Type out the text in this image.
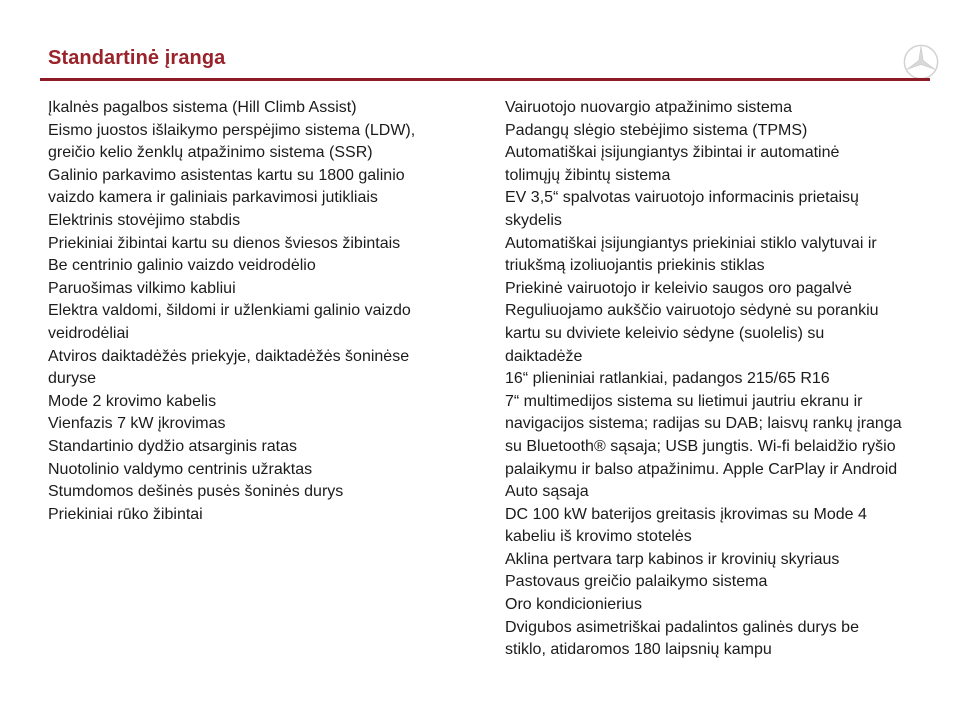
Standartinė įranga
Įkalnės pagalbos sistema (Hill Climb Assist)
Eismo juostos išlaikymo perspėjimo sistema (LDW),
greičio kelio ženklų atpažinimo sistema (SSR)
Galinio parkavimo asistentas kartu su 1800 galinio
vaizdo kamera ir galiniais parkavimosi jutikliais
Elektrinis stovėjimo stabdis
Priekiniai žibintai kartu su dienos šviesos žibintais
Be centrinio galinio vaizdo veidrodėlio
Paruošimas vilkimo kabliui
Elektra valdomi, šildomi ir užlenkiami galinio vaizdo
veidrodėliai
Atviros daiktadėžės priekyje, daiktadėžės šoninėse
duryse
Mode 2 krovimo kabelis
Vienfazis 7 kW įkrovimas
Standartinio dydžio atsarginis ratas
Nuotolinio valdymo centrinis užraktas
Stumdomos dešinės pusės šoninės durys
Priekiniai rūko žibintai
Vairuotojo nuovargio atpažinimo sistema
Padangų slėgio stebėjimo sistema (TPMS)
Automatiškai įsijungiantys žibintai ir automatinė
tolimųjų žibintų sistema
EV 3,5“ spalvotas vairuotojo informacinis prietaisų
skydelis
Automatiškai įsijungiantys priekiniai stiklo valytuvai ir
triukšmą izoliuojantis priekinis stiklas
Priekinė vairuotojo ir keleivio saugos oro pagalvė
Reguliuojamo aukščio vairuotojo sėdynė su porankiu
kartu su dviviete keleivio sėdyne (suolelis) su
daiktadėže
16“ plieniniai ratlankiai, padangos 215/65 R16
7“ multimedijos sistema su lietimui jautriu ekranu ir
navigacijos sistema; radijas su DAB; laisvų rankų įranga
su Bluetooth® sąsaja; USB jungtis. Wi-fi belaidžio ryšio
palaikymu ir balso atpažinimu. Apple CarPlay ir Android
Auto sąsaja
DC 100 kW baterijos greitasis įkrovimas su Mode 4
kabeliu iš krovimo stotelės
Aklina pertvara tarp kabinos ir krovinių skyriaus
Pastovaus greičio palaikymo sistema
Oro kondicionierius
Dvigubos asimetriškai padalintos galinės durys be
stiklo, atidaromos 180 laipsnių kampu
